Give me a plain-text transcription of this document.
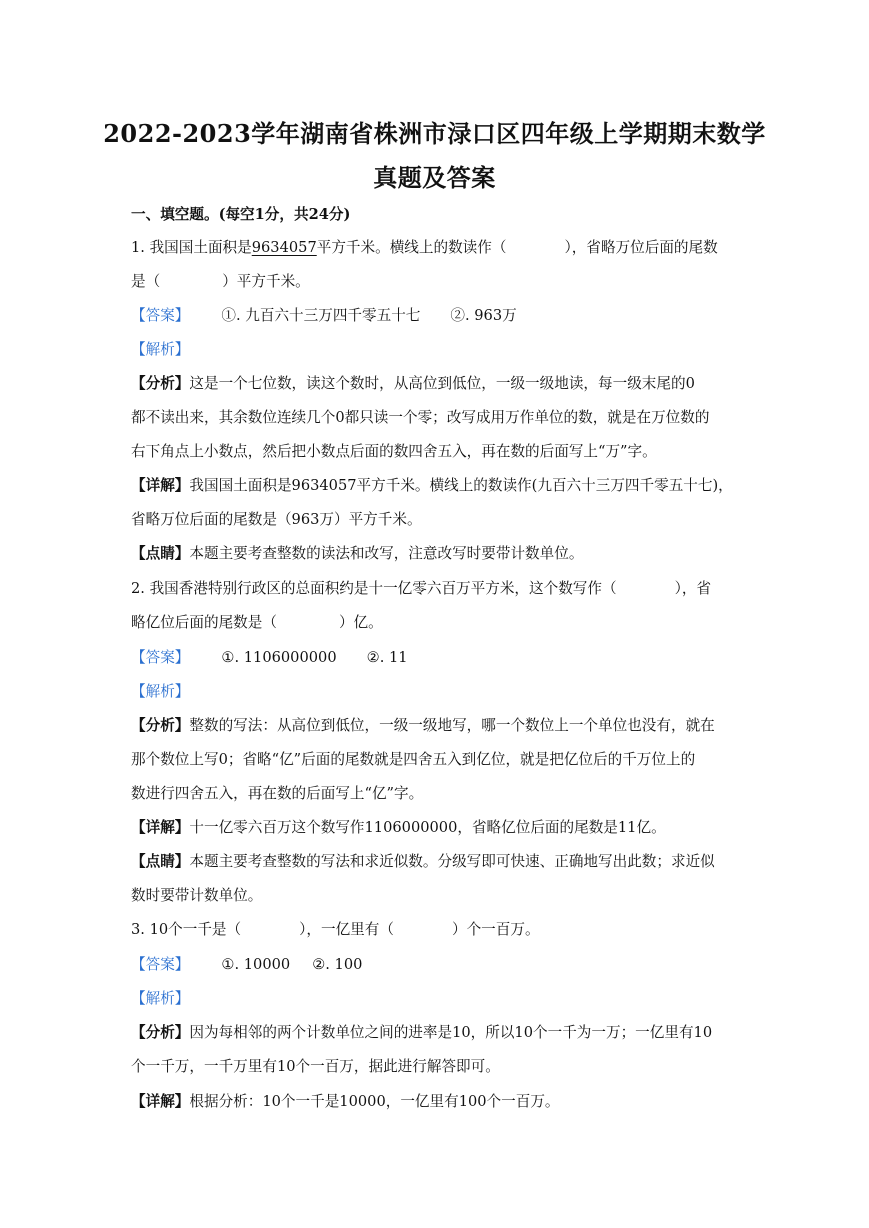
2022-2023学年湖南省株洲市渌口区四年级上学期期末数学
真题及答案
一、填空题。(每空1分，共24分)
1. 我国国土面积是9634057平方千米。横线上的数读作（	），省略万位后面的尾数
是（	）平方千米。
【答案】 ①. 九百六十三万四千零五十七 ②. 963万
【解析】
【分析】这是一个七位数，读这个数时，从高位到低位，一级一级地读，每一级末尾的0
都不读出来，其余数位连续几个0都只读一个零；改写成用万作单位的数，就是在万位数的
右下角点上小数点，然后把小数点后面的数四舍五入，再在数的后面写上“万”字。
【详解】我国国土面积是9634057平方千米。横线上的数读作(九百六十三万四千零五十七)，
省略万位后面的尾数是（963万）平方千米。
【点睛】本题主要考查整数的读法和改写，注意改写时要带计数单位。
2. 我国香港特别行政区的总面积约是十一亿零六百万平方米，这个数写作（	），省
略亿位后面的尾数是（	）亿。
【答案】 ①. 1106000000 ②. 11
【解析】
【分析】整数的写法：从高位到低位，一级一级地写，哪一个数位上一个单位也没有，就在
那个数位上写0；省略“亿”后面的尾数就是四舍五入到亿位，就是把亿位后的千万位上的
数进行四舍五入，再在数的后面写上“亿”字。
【详解】十一亿零六百万这个数写作1106000000，省略亿位后面的尾数是11亿。
【点睛】本题主要考查整数的写法和求近似数。分级写即可快速、正确地写出此数；求近似
数时要带计数单位。
3. 10个一千是（	），一亿里有（	）个一百万。
【答案】 ①. 10000 ②. 100
【解析】
【分析】因为每相邻的两个计数单位之间的进率是10，所以10个一千为一万；一亿里有10
个一千万，一千万里有10个一百万，据此进行解答即可。
【详解】根据分析：10个一千是10000，一亿里有100个一百万。
